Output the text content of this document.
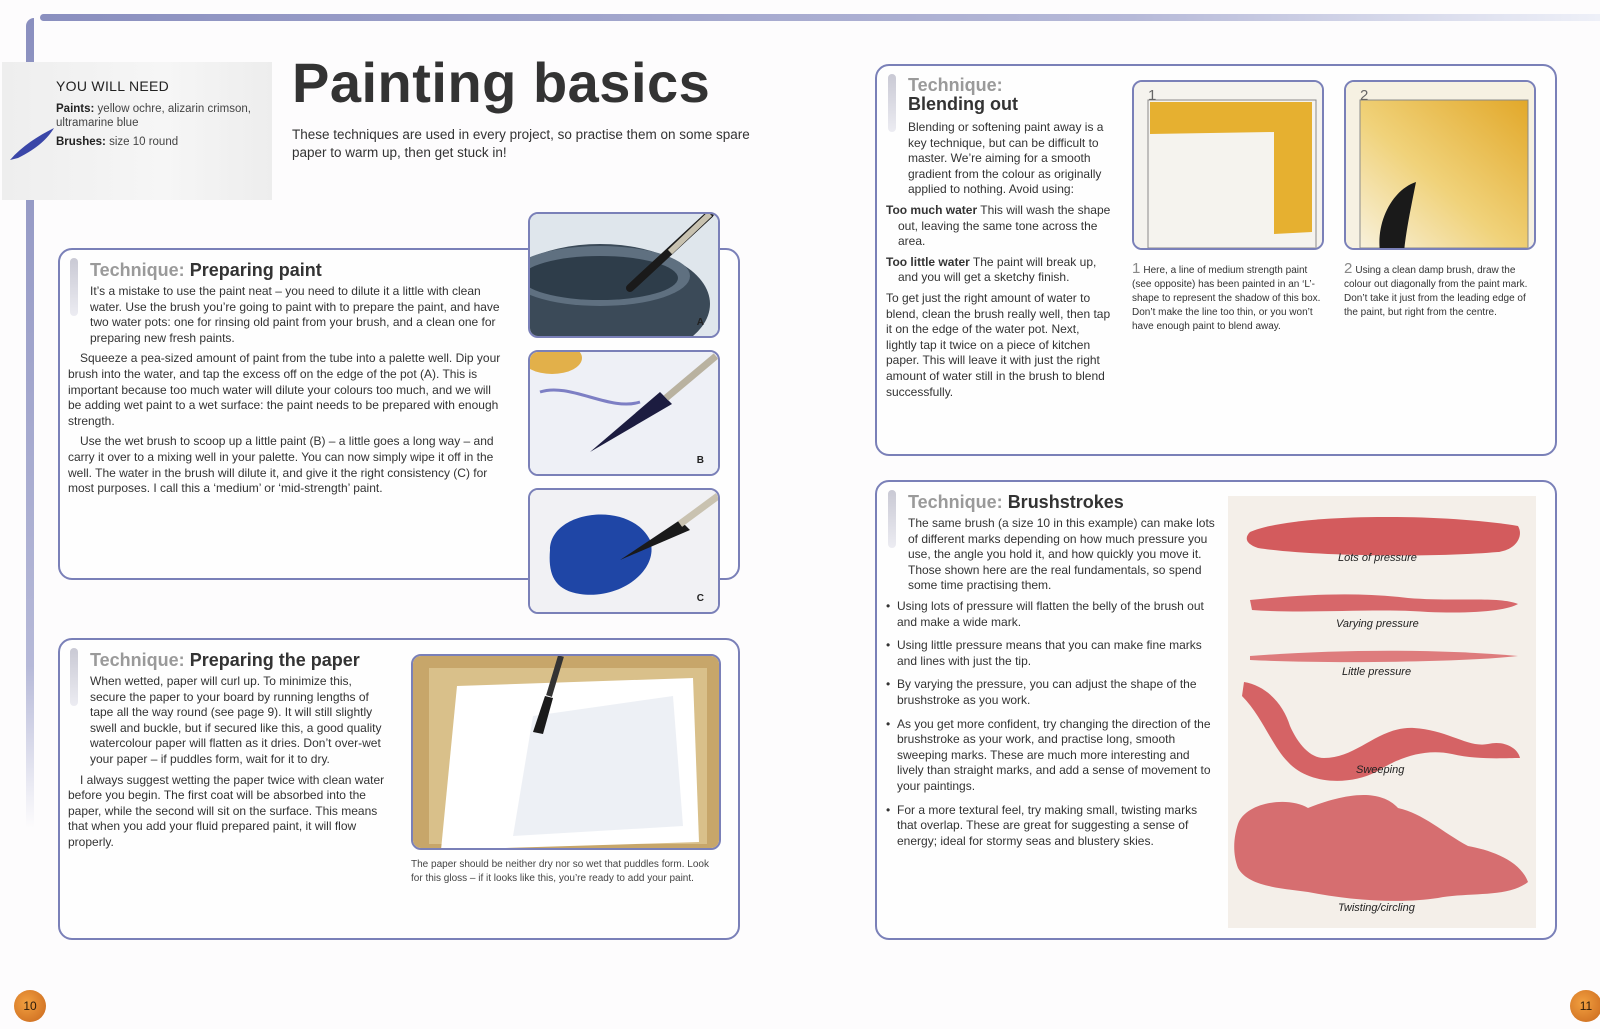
YOU WILL NEED
Paints: yellow ochre, alizarin crimson, ultramarine blue
Brushes: size 10 round
Painting basics
These techniques are used in every project, so practise them on some spare paper to warm up, then get stuck in!
Technique: Preparing paint

It’s a mistake to use the paint neat – you need to dilute it a little with clean water. Use the brush you’re going to paint with to prepare the paint, and have two water pots: one for rinsing old paint from your brush, and a clean one for preparing new fresh paints.

Squeeze a pea-sized amount of paint from the tube into a palette well. Dip your brush into the water, and tap the excess off on the edge of the pot (A). This is important because too much water will dilute your colours too much, and we will be adding wet paint to a wet surface: the paint needs to be prepared with enough strength.

Use the wet brush to scoop up a little paint (B) – a little goes a long way – and carry it over to a mixing well in your palette. You can now simply wipe it off in the well. The water in the brush will dilute it, and give it the right consistency (C) for most purposes. I call this a ‘medium’ or ‘mid-strength’ paint.

A
B
C
Technique: Preparing the paper

When wetted, paper will curl up. To minimize this, secure the paper to your board by running lengths of tape all the way round (see page 9). It will still slightly swell and buckle, but if secured like this, a good quality watercolour paper will flatten as it dries. Don’t over-wet your paper – if puddles form, wait for it to dry.

I always suggest wetting the paper twice with clean water before you begin. The first coat will be absorbed into the paper, while the second will sit on the surface. This means that when you add your fluid prepared paint, it will flow properly.

The paper should be neither dry nor so wet that puddles form. Look for this gloss – if it looks like this, you’re ready to add your paint.
Technique:
Blending out

Blending or softening paint away is a key technique, but can be difficult to master. We’re aiming for a smooth gradient from the colour as originally applied to nothing. Avoid using:

Too much water This will wash the shape out, leaving the same tone across the area.

Too little water The paint will break up, and you will get a sketchy finish.

To get just the right amount of water to blend, clean the brush really well, then tap it on the edge of the water pot. Next, lightly tap it twice on a piece of kitchen paper. This will leave it with just the right amount of water still in the brush to blend successfully.

1	2
1 Here, a line of medium strength paint (see opposite) has been painted in an ‘L’-shape to represent the shadow of this box. Don’t make the line too thin, or you won’t have enough paint to blend away.
2 Using a clean damp brush, draw the colour out diagonally from the paint mark. Don’t take it just from the leading edge of the paint, but right from the centre.
Technique: Brushstrokes

The same brush (a size 10 in this example) can make lots of different marks depending on how much pressure you use, the angle you hold it, and how quickly you move it. Those shown here are the real fundamentals, so spend some time practising them.

• Using lots of pressure will flatten the belly of the brush out and make a wide mark.
• Using little pressure means that you can make fine marks and lines with just the tip.
• By varying the pressure, you can adjust the shape of the brushstroke as you work.
• As you get more confident, try changing the direction of the brushstroke as your work, and practise long, smooth sweeping marks. These are much more interesting and lively than straight marks, and add a sense of movement to your paintings.
• For a more textural feel, try making small, twisting marks that overlap. These are great for suggesting a sense of energy; ideal for stormy seas and blustery skies.
Lots of pressure
Varying pressure
Little pressure
Sweeping
Twisting/circling
10	11
